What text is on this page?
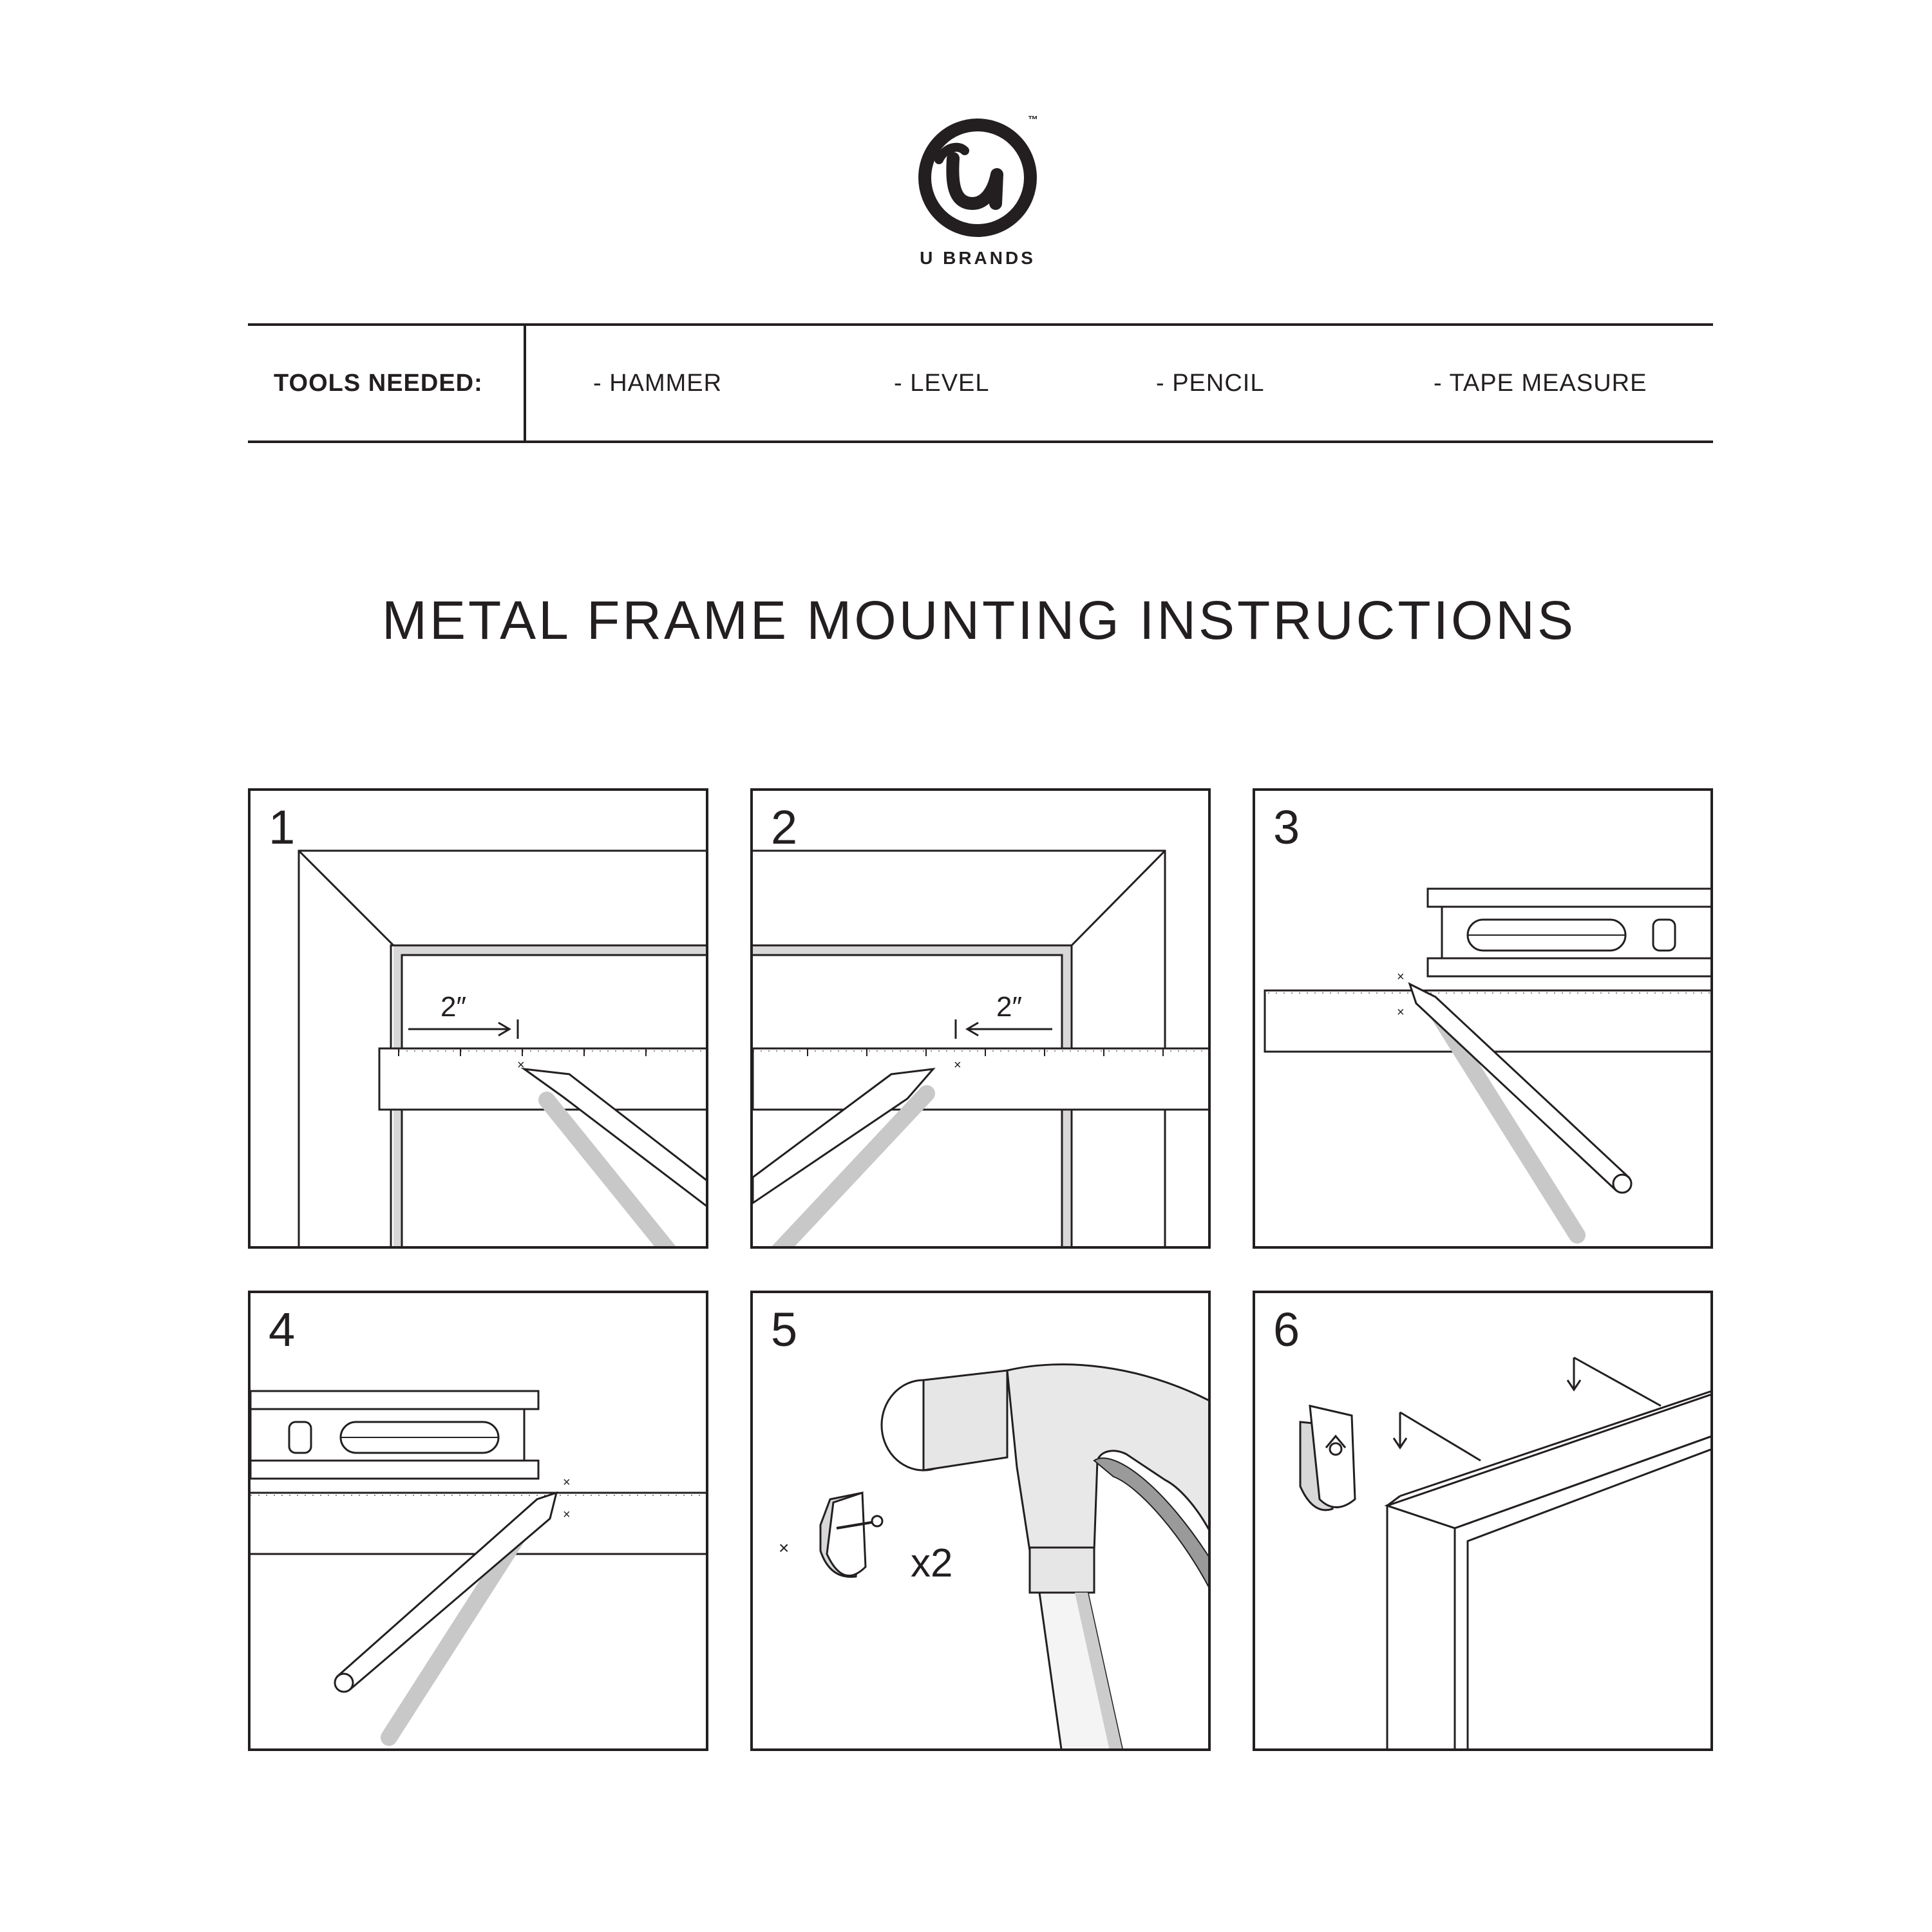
™
U BRANDS
TOOLS NEEDED:	- HAMMER	- LEVEL	- PENCIL	- TAPE MEASURE
METAL FRAME MOUNTING INSTRUCTIONS
1
2″
×
2
2″
×
3
×
×
4
×
×
5
×	x2
6
